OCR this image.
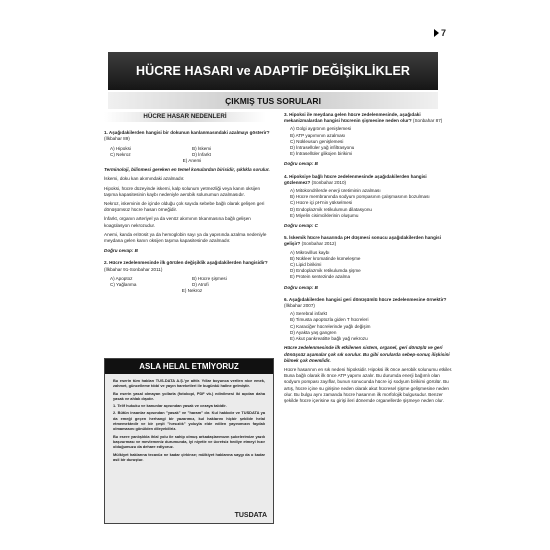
7
HÜCRE HASARI ve ADAPTİF DEĞİŞİKLİKLER
ÇIKMIŞ TUS SORULARI
HÜCRE HASAR NEDENLERİ
1. Aşağıdakilerden hangisi bir dokunun kanlanmasındaki azalmayı gösterir? (İlkbahar 89)
A) Hipoksi	B) İskemi
C) Nekroz	D) İnfarkt
E) Anemi
Terminoloji, bilinmesi gereken en temel konulardan birisidir, şıklıkla sorulur.
İskemi, doku kan akımındaki azalmadır.
Hipoksi, hücre düzeyinde iskemi, kalp solunum yetmezliği veya kanın oksijen taşıma kapasitesinin kaybı nedeniyle aerobik solunumun azalmasıdır.
Nekroz, iskeminin de içinde olduğu çok sayıda sebebe bağlı olarak gelişen geri dönüşümsüz hücre hasarı örneğidir.
İnfarkt, organın arteriyel ya da venöz akımının tıkanmasına bağlı gelişen koagülasyon nekrozudur.
Anemi, kanda eritrosit ya da hemoglobin sayı ya da yapısında azalma nedeniyle meydana gelen kanın oksijen taşıma kapasitesinde azalmadır.
Doğru cevap: B
2. Hücre zedelenmesinde ilk görülen değişiklik aşağıdakilerden hangisidir? (İlkbahar 91-Sonbahar 2011)
A) Apoptoz	B) Hücre şişmesi
C) Yağlanma	D) Atrofi
E) Nekroz
ASLA HELAL ETMİYORUZ

Bu eserin tüm hakları TUS-DATA A.Ş.'ye aittir. Yıllar boyunca verilen nice emek, zahmet, güncelleme tıbbî ve yayın hareketleri ile bugünkü haline gelmiştir.

Bu eserin yasal olmayan yollarla (fotokopi, PDF vb.) edinilmesi iki açıdan daha yasak ve ahlak dışıdır.

1. Telif hukuku ve kanunlar açısından yasak ve cezaya tabidir.
2. Bütün insanlar açısından "yasak" ve "haram" dır. Kul hakkıdır ve TUSDATA ya da emeği geçen herhangi bir yazarımız, kul haklarını hiçbir şekilde helal etmemektedir ve bir çeşit "hırsızlık" yoluyla elde edilen yayınımızın faydalı olmamasını gönülden dileyebiliriz.

Bu esere yanlışlıkla ihlal yolu ile sahip olmuş arkadaşlarımızın şubelerimize yazılı başvurması ve mevlemeniz durumunda, iyi niyetle ve ücretsiz hediye etmeyi hızır olduğumuzu da dehare ediyoruz.

Mülkiyet haklarına tecavüz ne kadar çirkinse; mülkiyet haklarına saygı da o kadar asil bir duruştur.

TUSDATA
3. Hipoksi ile meydana gelen hücre zedelenmesinde, aşağıdaki mekanizmalardan hangisi hücrenin şişmesine neden olur? (Sonbahar 87)
A) Golgi aygıtının genişlemesi
B) ATP yapımının azalması
C) Nükleusun genişlemesi
D) İntrasellüler yağ infiltrasyonu
E) İntrasellüler glikojen birikimi
Doğru cevap: B
4. Hipoksiye bağlı hücre zedelenmesinde aşağıdakilerden hangisi gözlenmez? (Sonbahar 2010)
A) Mitokondrilerde enerji üretiminin azalması
B) Hücre membranında sodyum pompasının çalışmasının bozulması
C) Hücre içi pH'nin yükselmesi
D) Endoplazmik retikulumun dilatasyonu
E) Miyelin cisimciklerinin oluşumu
Doğru cevap: C
5. İskemik hücre hasarında pH düşmesi sonucu aşağıdakilerden hangisi gelişir? (Sonbahar 2012)
A) Mikrovillus kaybı
B) Nükleer kromatinde kümeleşme
C) Lipid birikimi
D) Endoplazmik retikulumda şişme
E) Protein sentezinde azalma
Doğru cevap: B
6. Aşağıdakilerden hangisi geri dönüşümlü hücre zedelenmesine örnektir? (İlkbahar 2007)
A) Serebral infarkt
B) Timusta apoptozla giden T hücreleri
C) Karaciğer hücrelerinde yağlı değişim
D) Ayakta yaş gangren
E) Akut pankreatitte bağlı yağ nekrozu
Hücre zedelenmesinde ilk etkilenen sistem, organel, geri dönüşlü ve geri dönüşsüz aşamalar çok sık sorulur. Bu gibi sorularda sebep-sonuç ilişkisini bilmek çok önemlidir.
Hücre hasarının en sık nedeni hipoksidir. Hipoksi ilk önce aerobik solunumu etkiler. Buna bağlı olarak ilk önce ATP yapımı azalır. Bu durumda enerji bağımlı olan sodyum pompası zayıflar, bunun sonucunda hücre içi sodyum birikimi görülür. Bu artış, hücre içine su girişine neden olarak akut hücresel şişme gelişmesine neden olur. Bu bulgu aynı zamanda hücre hasarının ilk morfolojik bulgusudur. Benzer şekilde hücre içerisine su girişi ileri dönemde organellerde şişmeye neden olur.
